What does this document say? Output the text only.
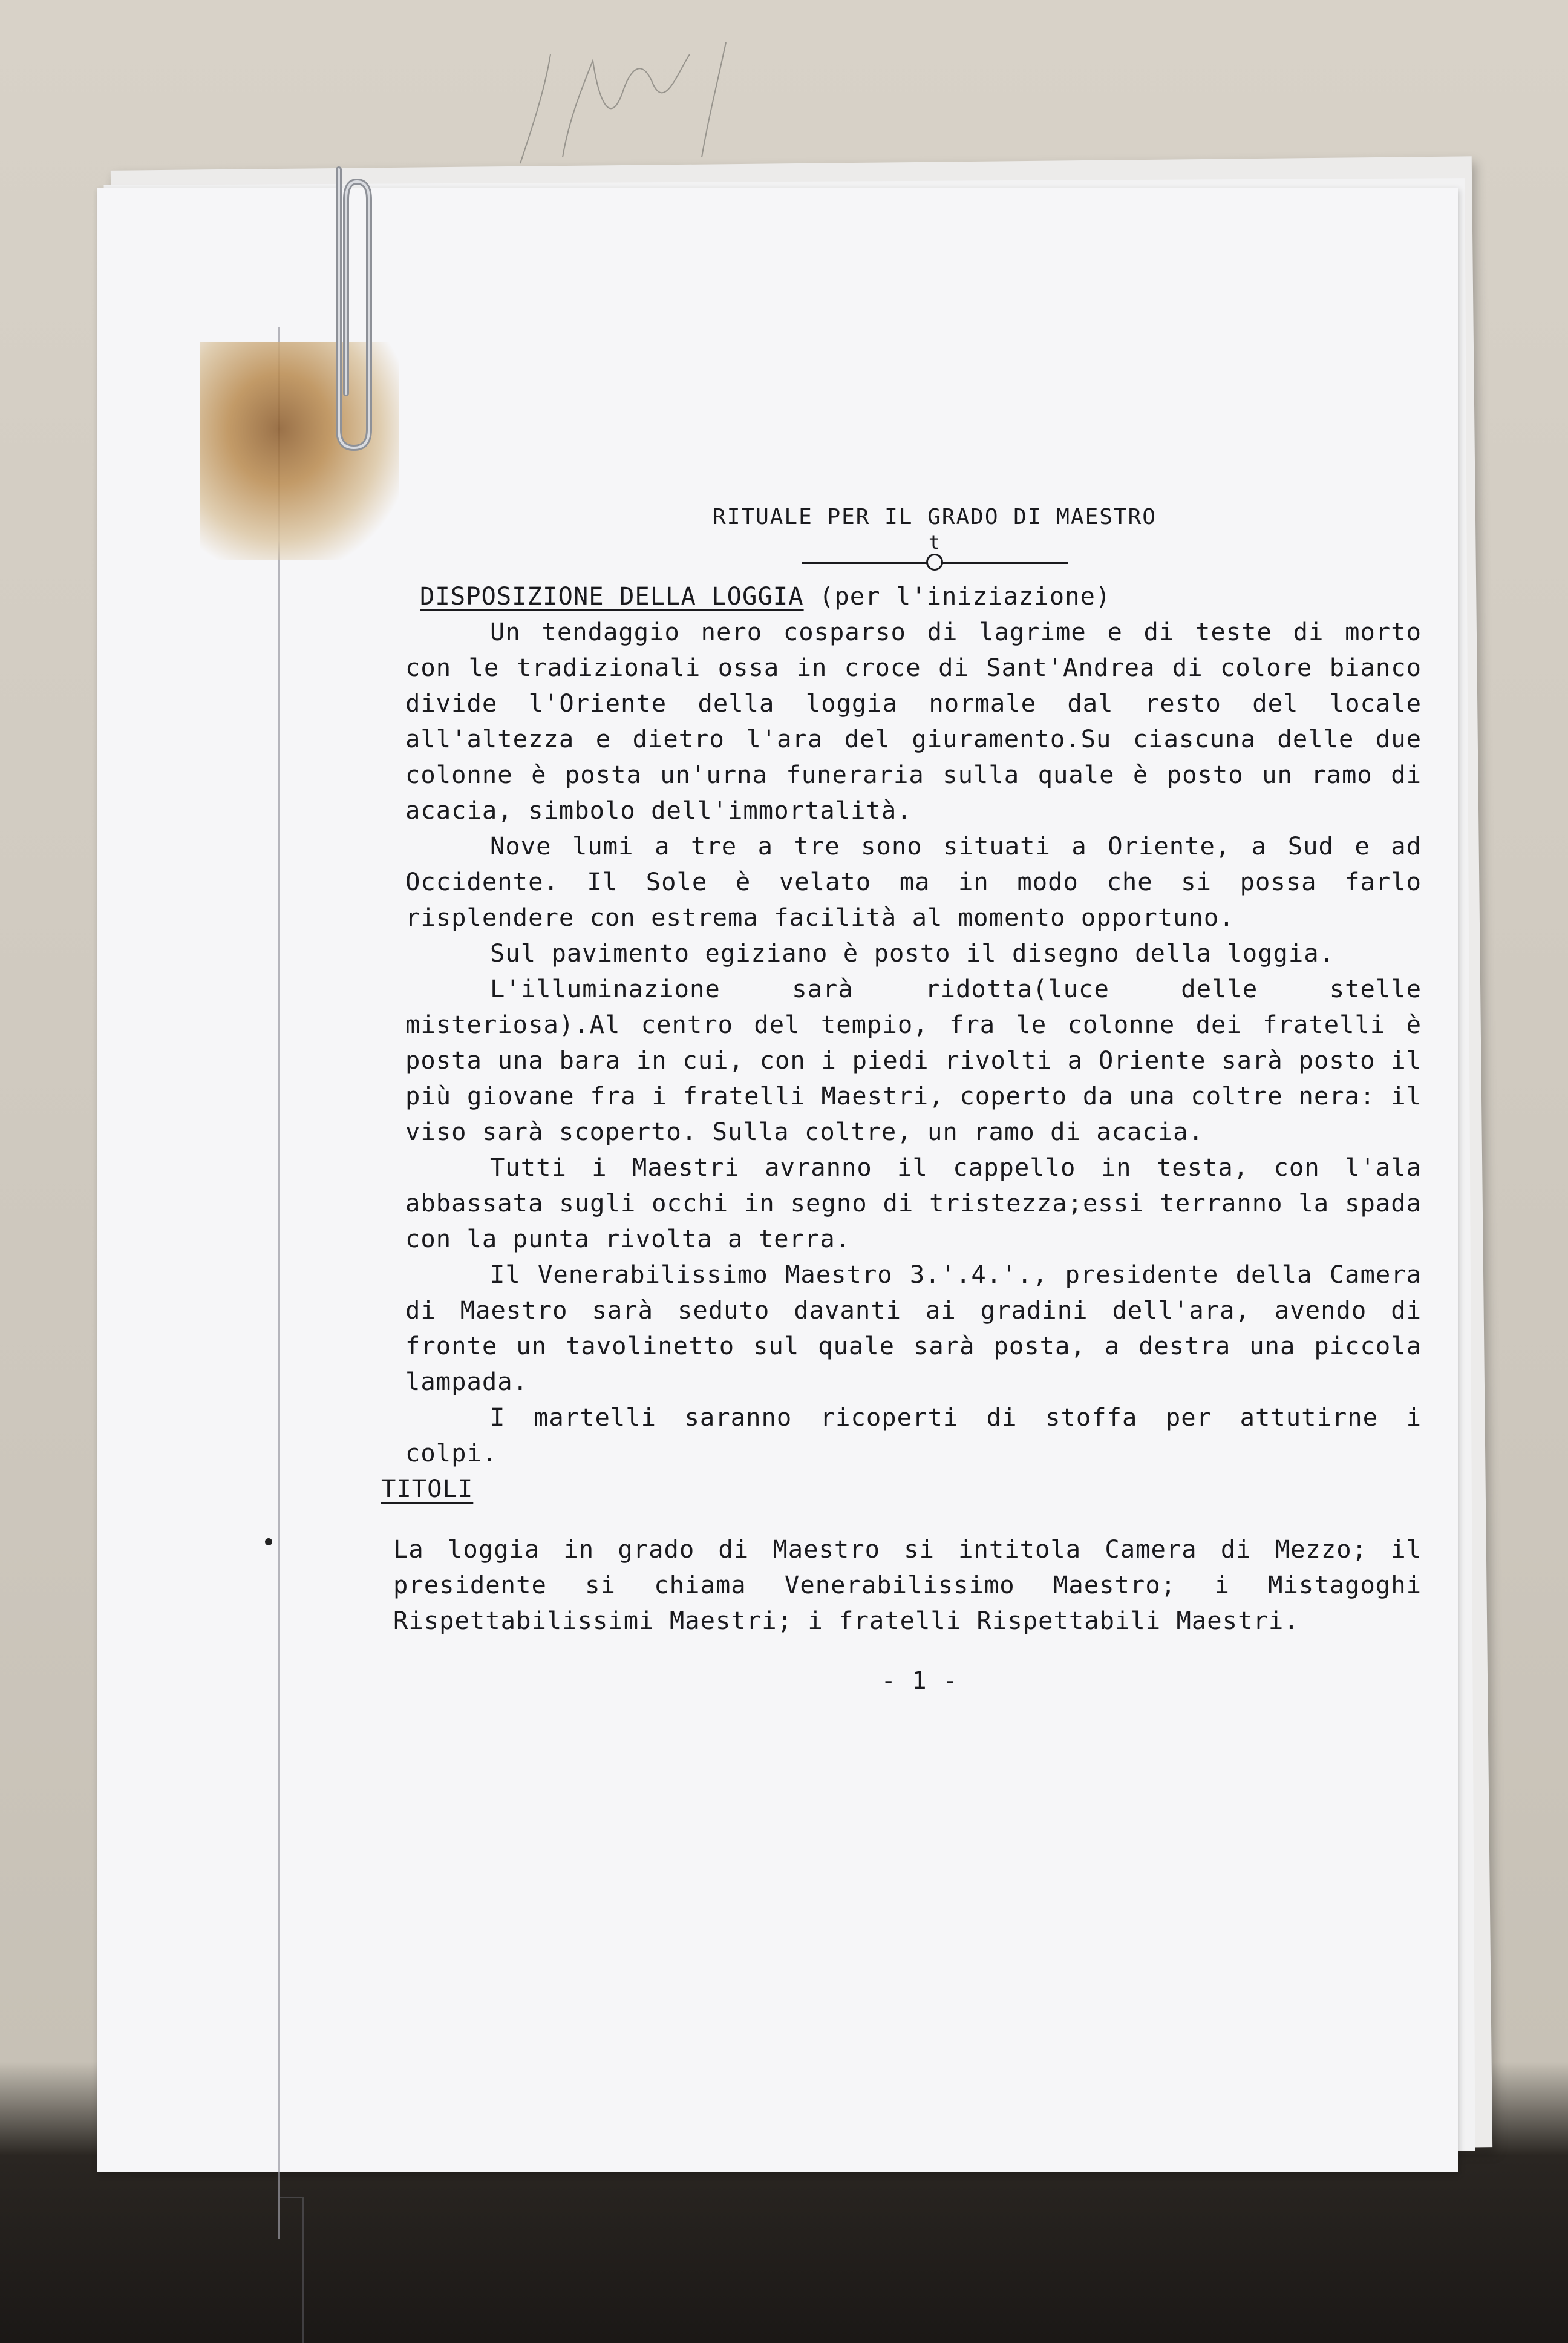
RITUALE PER IL GRADO DI MAESTRO
t
DISPOSIZIONE DELLA LOGGIA (per l'iniziazione)

Un tendaggio nero cosparso di lagrime e di teste di morto con le tradizionali ossa in croce di Sant'Andrea di colore bianco divide l'Oriente della loggia normale dal resto del locale all'altezza e dietro l'ara del giuramento.Su ciascuna delle due colonne è posta un'urna funeraria sulla quale è posto un ramo di acacia, simbolo dell'immortalità.

Nove lumi a tre a tre sono situati a Oriente, a Sud e ad Occidente. Il Sole è velato ma in modo che si possa farlo risplendere con estrema facilità al momento opportuno.

Sul pavimento egiziano è posto il disegno della loggia.

L'illuminazione sarà ridotta(luce delle stelle misteriosa).Al centro del tempio, fra le colonne dei fratelli è posta una bara in cui, con i piedi rivolti a Oriente sarà posto il più giovane fra i fratelli Maestri, coperto da una coltre nera: il viso sarà scoperto. Sulla coltre, un ramo di acacia.

Tutti i Maestri avranno il cappello in testa, con l'ala abbassata sugli occhi in segno di tristezza;essi terranno la spada con la punta rivolta a terra.

Il Venerabilissimo Maestro 3.'.4.'., presidente della Camera di Maestro sarà seduto davanti ai gradini dell'ara, avendo di fronte un tavolinetto sul quale sarà posta, a destra una piccola lampada.

I martelli saranno ricoperti di stoffa per attutirne i colpi.

TITOLI

La loggia in grado di Maestro si intitola Camera di Mezzo; il presidente si chiama Venerabilissimo Maestro; i Mistagoghi Rispettabilissimi Maestri; i fratelli Rispettabili Maestri.

- 1 -
